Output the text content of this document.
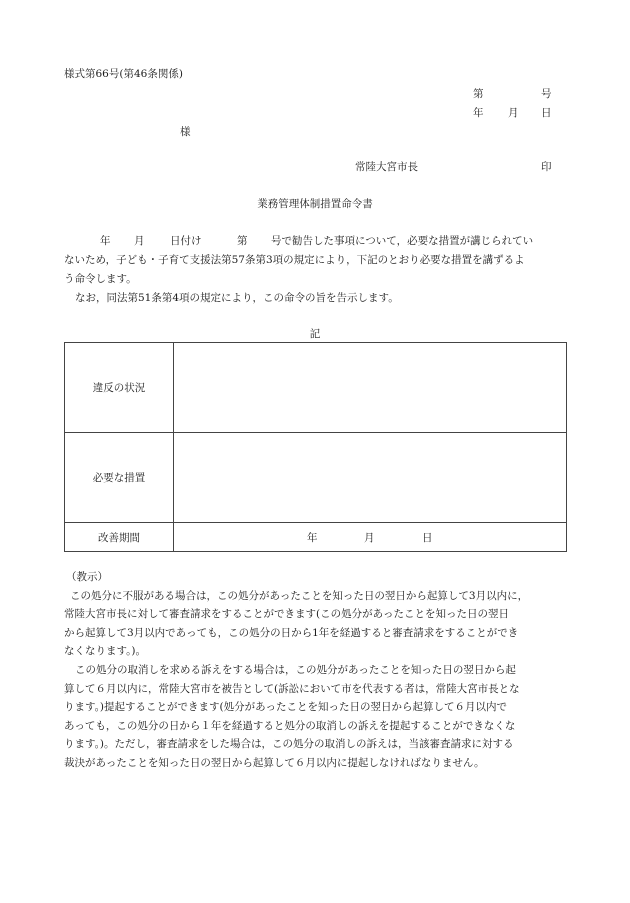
様式第66号(第46条関係)
第	号
年 月 日
様
常陸大宮市長	印
業務管理体制措置命令書
年 月 日付け	第 号で勧告した事項について，必要な措置が講じられてい
ないため，子ども・子育て支援法第57条第3項の規定により，下記のとおり必要な措置を講ずるよ
う命令します。
なお，同法第51条第4項の規定により，この命令の旨を告示します。
記
違反の状況	
必要な措置	
改善期間	年 月 日

（教示）

この処分に不服がある場合は，この処分があったことを知った日の翌日から起算して3月以内に，

常陸大宮市長に対して審査請求をすることができます(この処分があったことを知った日の翌日

から起算して3月以内であっても，この処分の日から1年を経過すると審査請求をすることができ

なくなります。)。

この処分の取消しを求める訴えをする場合は，この処分があったことを知った日の翌日から起

算して６月以内に，常陸大宮市を被告として(訴訟において市を代表する者は，常陸大宮市長とな

ります。)提起することができます(処分があったことを知った日の翌日から起算して６月以内で

あっても，この処分の日から１年を経過すると処分の取消しの訴えを提起することができなくな

ります。)。ただし，審査請求をした場合は，この処分の取消しの訴えは，当該審査請求に対する

裁決があったことを知った日の翌日から起算して６月以内に提起しなければなりません。
